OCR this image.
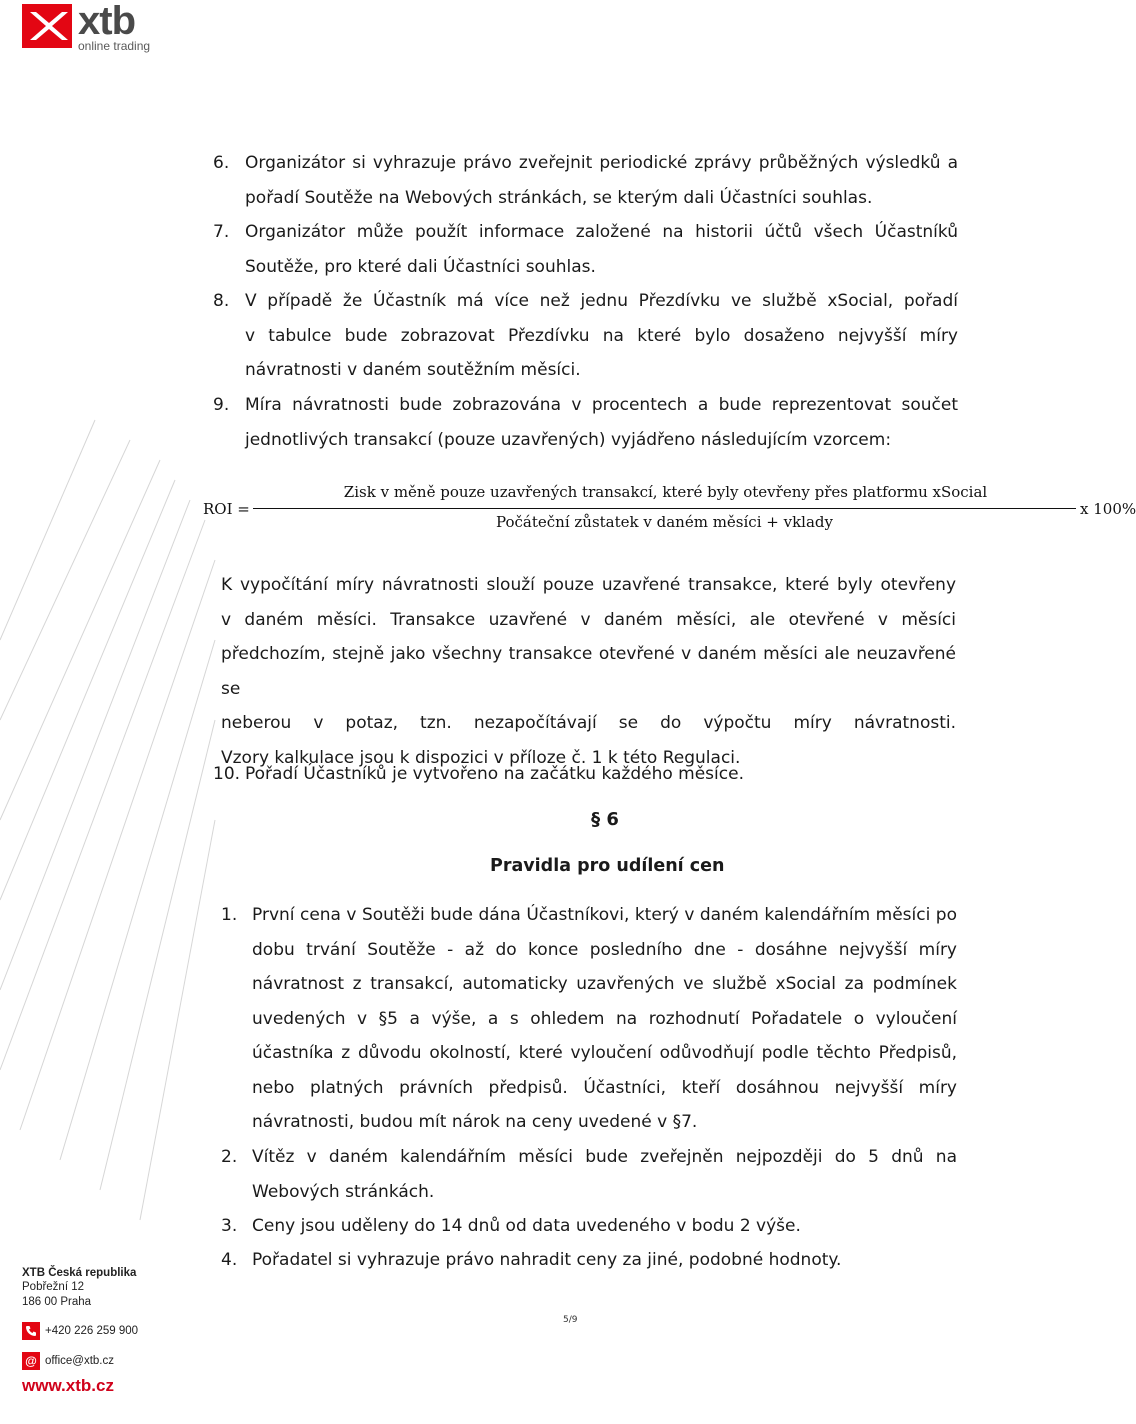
xtb
online trading
6. Organizátor si vyhrazuje právo zveřejnit periodické zprávy průběžných výsledků a
pořadí Soutěže na Webových stránkách, se kterým dali Účastníci souhlas.
7. Organizátor může použít informace založené na historii účtů všech Účastníků
Soutěže, pro které dali Účastníci souhlas.
8. V případě že Účastník má více než jednu Přezdívku ve službě xSocial, pořadí
v tabulce bude zobrazovat Přezdívku na které bylo dosaženo nejvyšší míry
návratnosti v daném soutěžním měsíci.
9. Míra návratnosti bude zobrazována v procentech a bude reprezentovat součet
jednotlivých transakcí (pouze uzavřených) vyjádřeno následujícím vzorcem:
ROI =
Zisk v měně pouze uzavřených transakcí, které byly otevřeny přes platformu xSocial
Počáteční zůstatek v daném měsíci + vklady
x 100%
K vypočítání míry návratnosti slouží pouze uzavřené transakce, které byly otevřeny
v daném měsíci. Transakce uzavřené v daném měsíci, ale otevřené v měsíci
předchozím, stejně jako všechny transakce otevřené v daném měsíci ale neuzavřené se
neberou v potaz, tzn. nezapočítávají se do výpočtu míry návratnosti.
Vzory kalkulace jsou k dispozici v příloze č. 1 k této Regulaci.
10. Pořadí Účastníků je vytvořeno na začátku každého měsíce.
§ 6
Pravidla pro udílení cen
1. První cena v Soutěži bude dána Účastníkovi, který v daném kalendářním měsíci po
dobu trvání Soutěže - až do konce posledního dne - dosáhne nejvyšší míry
návratnost z transakcí, automaticky uzavřených ve službě xSocial za podmínek
uvedených v §5 a výše, a s ohledem na rozhodnutí Pořadatele o vyloučení
účastníka z důvodu okolností, které vyloučení odůvodňují podle těchto Předpisů,
nebo platných právních předpisů. Účastníci, kteří dosáhnou nejvyšší míry
návratnosti, budou mít nárok na ceny uvedené v §7.
2. Vítěz v daném kalendářním měsíci bude zveřejněn nejpozději do 5 dnů na
Webových stránkách.
3. Ceny jsou uděleny do 14 dnů od data uvedeného v bodu 2 výše.
4. Pořadatel si vyhrazuje právo nahradit ceny za jiné, podobné hodnoty.
XTB Česká republika
Pobřežní 12
186 00 Praha
+420 226 259 900
@ office@xtb.cz
www.xtb.cz
5/9
